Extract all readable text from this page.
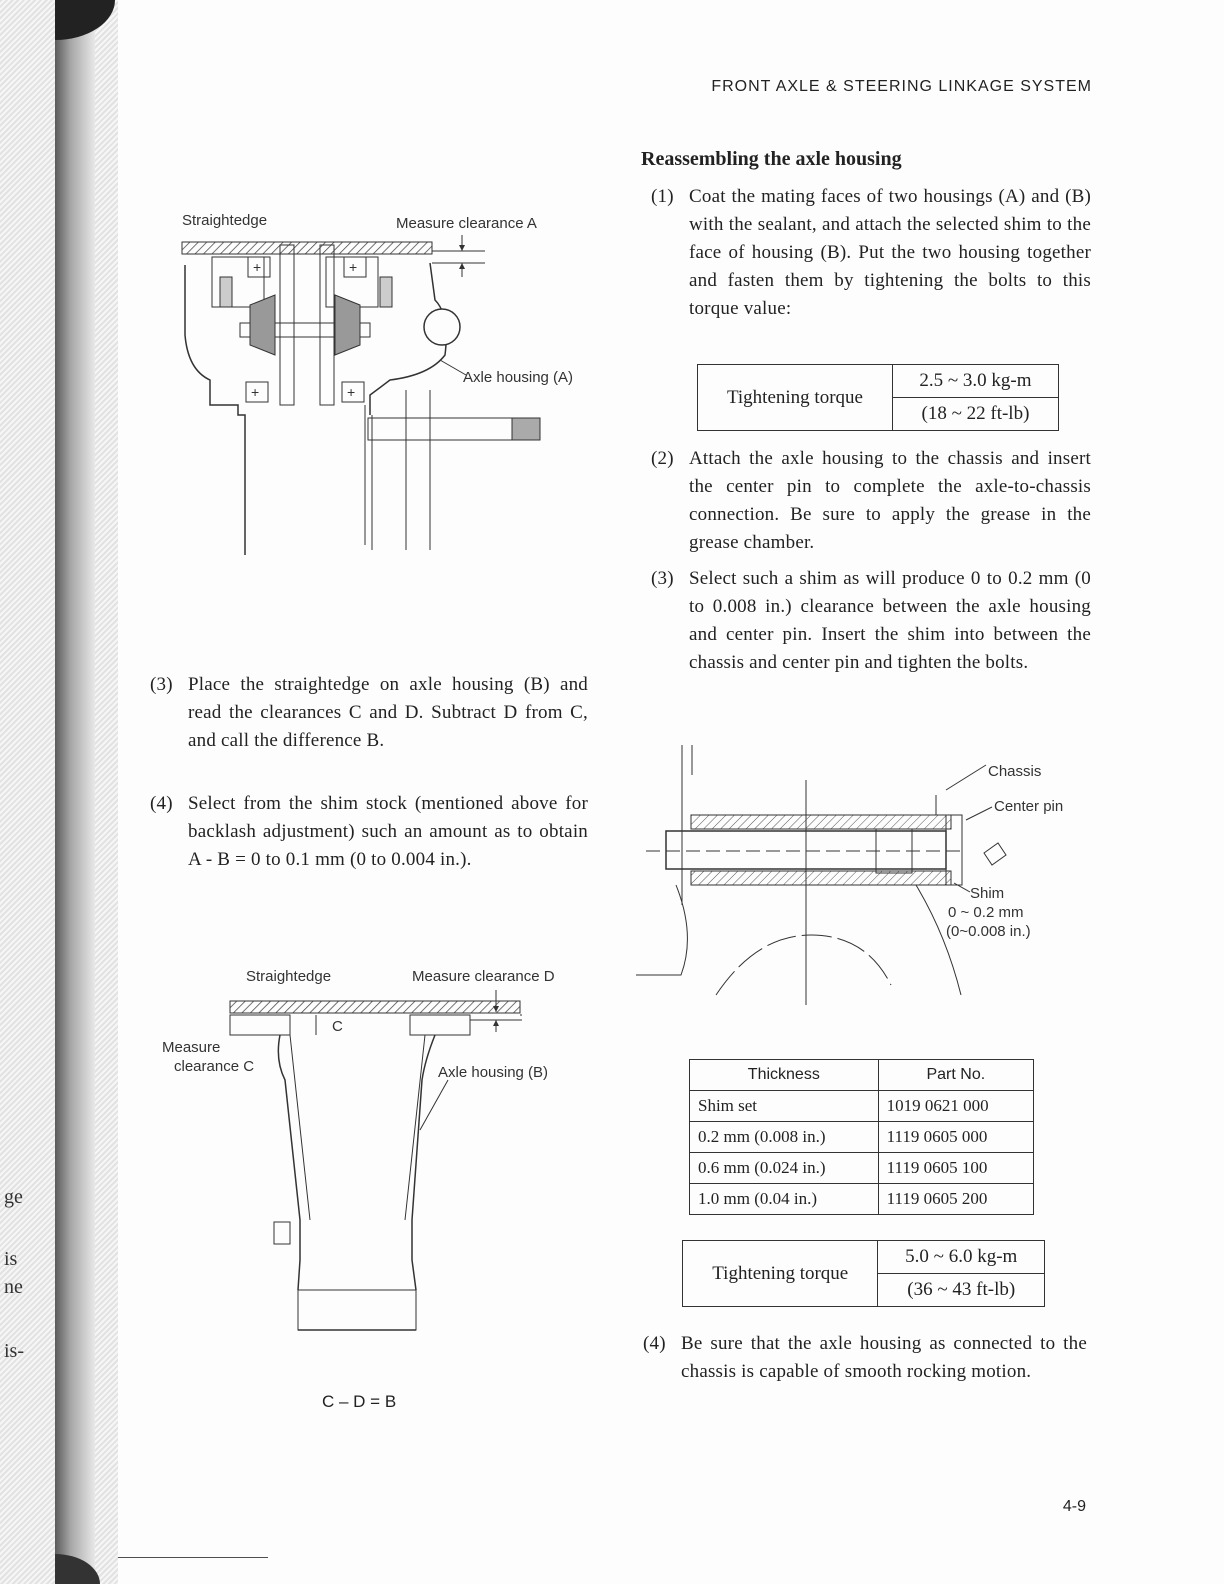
ge
is
ne
is-
FRONT AXLE & STEERING LINKAGE SYSTEM
Straightedge	Measure clearance A
+	+
+	+
Axle housing (A)
(3) Place the straightedge on axle housing (B) and read the clearances C and D. Subtract D from C, and call the difference B.
(4) Select from the shim stock (mentioned above for backlash adjustment) such an amount as to obtain A - B = 0 to 0.1 mm (0 to 0.004 in.).
Straightedge	Measure clearance D
Measure
clearance C
C
Axle housing (B)
C – D = B
Reassembling the axle housing
(1) Coat the mating faces of two housings (A) and (B) with the sealant, and attach the selected shim to the face of housing (B). Put the two housing together and fasten them by tightening the bolts to this torque value:
Tightening torque	2.5 ~ 3.0 kg-m
(18 ~ 22 ft-lb)
(2) Attach the axle housing to the chassis and insert the center pin to complete the axle-to-chassis connection. Be sure to apply the grease in the grease chamber.
(3) Select such a shim as will produce 0 to 0.2 mm (0 to 0.008 in.) clearance between the axle housing and center pin. Insert the shim into between the chassis and center pin and tighten the bolts.
Chassis
Center pin
Shim
0 ~ 0.2 mm
(0~0.008 in.)
Thickness	Part No.
Shim set	1019 0621 000
0.2 mm (0.008 in.)	1119 0605 000
0.6 mm (0.024 in.)	1119 0605 100
1.0 mm (0.04 in.)	1119 0605 200
Tightening torque	5.0 ~ 6.0 kg-m
(36 ~ 43 ft-lb)
(4) Be sure that the axle housing as connected to the chassis is capable of smooth rocking motion.
4-9
